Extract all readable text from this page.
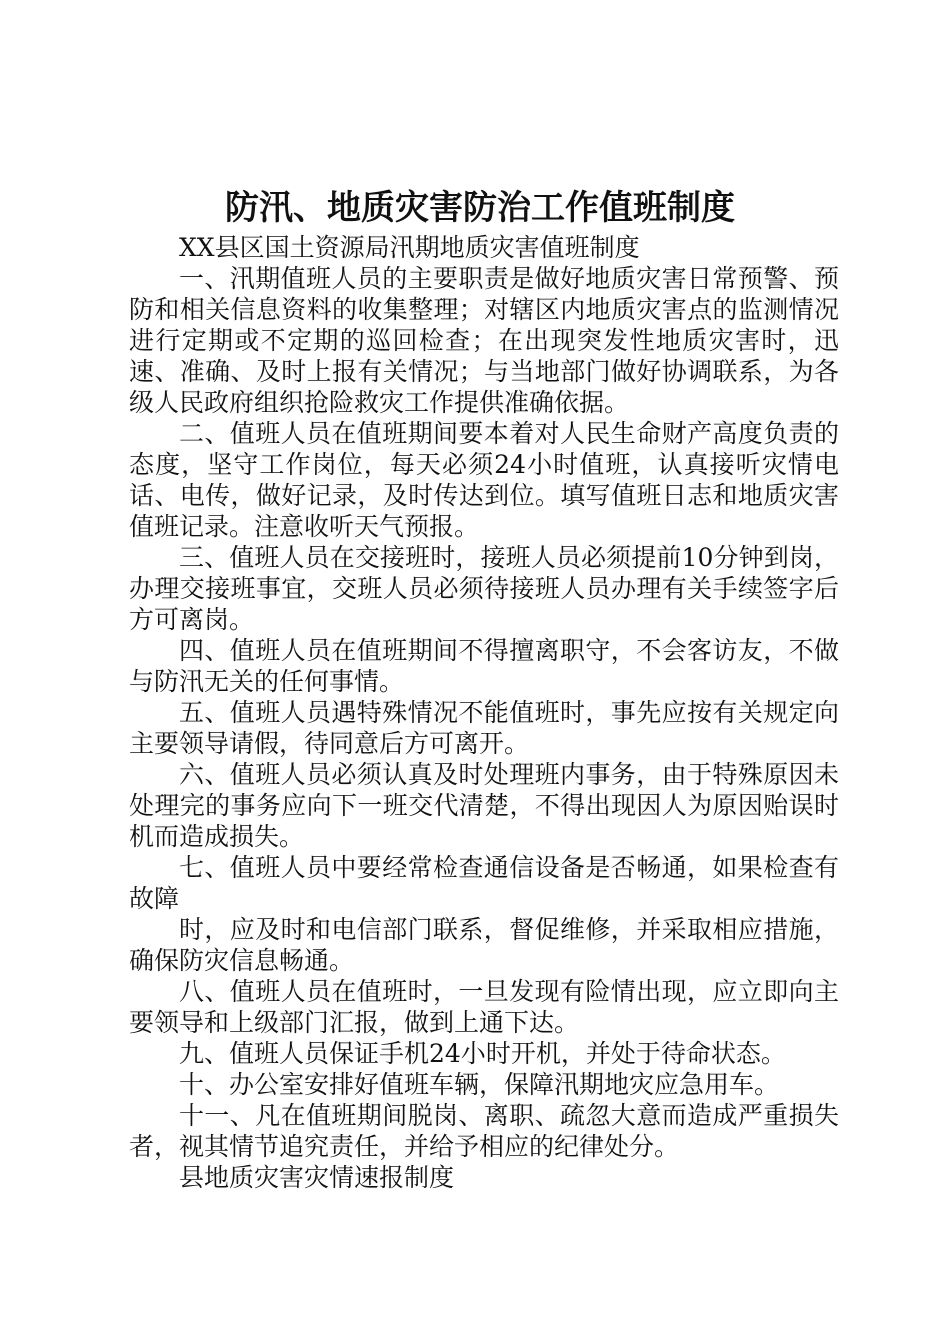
防汛、地质灾害防治工作值班制度

XX县区国土资源局汛期地质灾害值班制度

一、汛期值班人员的主要职责是做好地质灾害日常预警、预防和相关信息资料的收集整理；对辖区内地质灾害点的监测情况进行定期或不定期的巡回检查；在出现突发性地质灾害时，迅速、准确、及时上报有关情况；与当地部门做好协调联系，为各级人民政府组织抢险救灾工作提供准确依据。

二、值班人员在值班期间要本着对人民生命财产高度负责的态度，坚守工作岗位，每天必须24小时值班，认真接听灾情电话、电传，做好记录，及时传达到位。填写值班日志和地质灾害值班记录。注意收听天气预报。

三、值班人员在交接班时，接班人员必须提前10分钟到岗，办理交接班事宜，交班人员必须待接班人员办理有关手续签字后方可离岗。

四、值班人员在值班期间不得擅离职守，不会客访友，不做与防汛无关的任何事情。

五、值班人员遇特殊情况不能值班时，事先应按有关规定向主要领导请假，待同意后方可离开。

六、值班人员必须认真及时处理班内事务，由于特殊原因未处理完的事务应向下一班交代清楚，不得出现因人为原因贻误时机而造成损失。

七、值班人员中要经常检查通信设备是否畅通，如果检查有故障

时，应及时和电信部门联系，督促维修，并采取相应措施，确保防灾信息畅通。

八、值班人员在值班时，一旦发现有险情出现，应立即向主要领导和上级部门汇报，做到上通下达。

九、值班人员保证手机24小时开机，并处于待命状态。

十、办公室安排好值班车辆，保障汛期地灾应急用车。

十一、凡在值班期间脱岗、离职、疏忽大意而造成严重损失者，视其情节追究责任，并给予相应的纪律处分。

县地质灾害灾情速报制度
